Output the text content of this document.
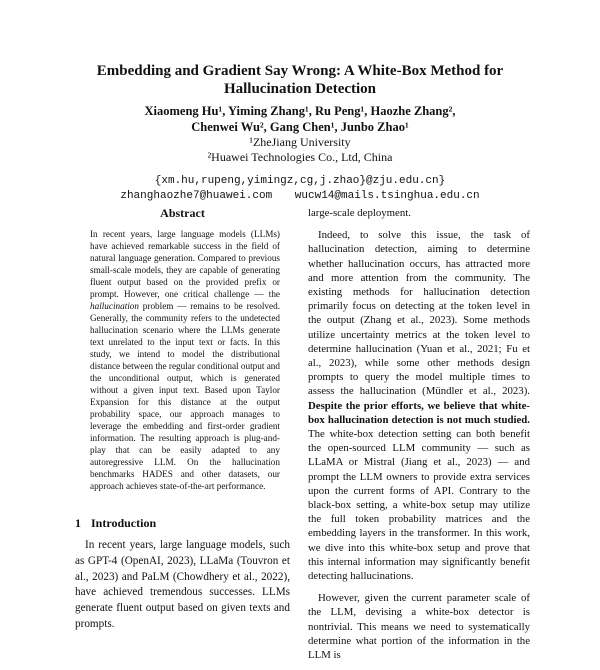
Embedding and Gradient Say Wrong: A White-Box Method for Hallucination Detection
Xiaomeng Hu¹, Yiming Zhang¹, Ru Peng¹, Haozhe Zhang²,
Chenwei Wu², Gang Chen¹, Junbo Zhao¹
¹ZheJiang University
²Huawei Technologies Co., Ltd, China
{xm.hu,rupeng,yimingz,cg,j.zhao}@zju.edu.cn}
zhanghaozhe7@huawei.com wucw14@mails.tsinghua.edu.cn
Abstract
In recent years, large language models (LLMs) have achieved remarkable success in the field of natural language generation. Compared to previous small-scale models, they are capable of generating fluent output based on the provided prefix or prompt. However, one critical challenge — the hallucination problem — remains to be resolved. Generally, the community refers to the undetected hallucination scenario where the LLMs generate text unrelated to the input text or facts. In this study, we intend to model the distributional distance between the regular conditional output and the unconditional output, which is generated without a given input text. Based upon Taylor Expansion for this distance at the output probability space, our approach manages to leverage the embedding and first-order gradient information. The resulting approach is plug-and-play that can be easily adapted to any autoregressive LLM. On the hallucination benchmarks HADES and other datasets, our approach achieves state-of-the-art performance.
1 Introduction
In recent years, large language models, such as GPT-4 (OpenAI, 2023), LLaMa (Touvron et al., 2023) and PaLM (Chowdhery et al., 2022), have achieved tremendous successes. LLMs generate fluent output based on given texts and prompts.

large-scale deployment.

Indeed, to solve this issue, the task of hallucination detection, aiming to determine whether hallucination occurs, has attracted more and more attention from the community. The existing methods for hallucination detection primarily focus on detecting at the token level in the output (Zhang et al., 2023). Some methods utilize uncertainty metrics at the token level to determine hallucination (Yuan et al., 2021; Fu et al., 2023), while some other methods design prompts to query the model multiple times to assess the hallucination (Mündler et al., 2023). Despite the prior efforts, we believe that white-box hallucination detection is not much studied. The white-box detection setting can both benefit the open-sourced LLM community — such as LLaMA or Mistral (Jiang et al., 2023) — and prompt the LLM owners to provide extra services upon the current forms of API. Contrary to the black-box setting, a white-box setup may utilize the full token probability matrices and the embedding layers in the transformer. In this work, we dive into this white-box setup and prove that this internal information may significantly benefit detecting hallucinations.

However, given the current parameter scale of the LLM, devising a white-box detector is nontrivial. This means we need to systematically determine what portion of the information in the LLM is
